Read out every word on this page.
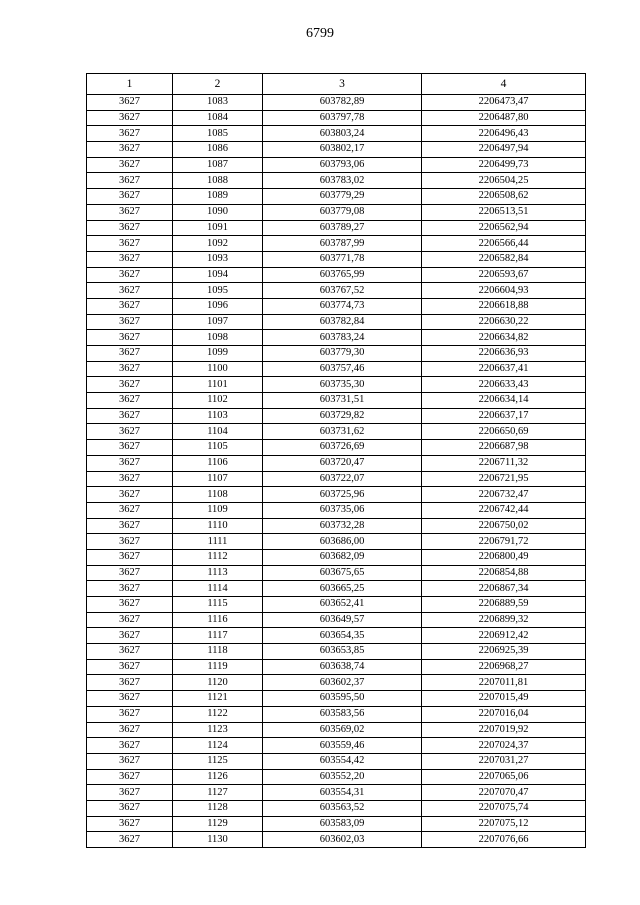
6799
1	2	3	4
3627	1083	603782,89	2206473,47
3627	1084	603797,78	2206487,80
3627	1085	603803,24	2206496,43
3627	1086	603802,17	2206497,94
3627	1087	603793,06	2206499,73
3627	1088	603783,02	2206504,25
3627	1089	603779,29	2206508,62
3627	1090	603779,08	2206513,51
3627	1091	603789,27	2206562,94
3627	1092	603787,99	2206566,44
3627	1093	603771,78	2206582,84
3627	1094	603765,99	2206593,67
3627	1095	603767,52	2206604,93
3627	1096	603774,73	2206618,88
3627	1097	603782,84	2206630,22
3627	1098	603783,24	2206634,82
3627	1099	603779,30	2206636,93
3627	1100	603757,46	2206637,41
3627	1101	603735,30	2206633,43
3627	1102	603731,51	2206634,14
3627	1103	603729,82	2206637,17
3627	1104	603731,62	2206650,69
3627	1105	603726,69	2206687,98
3627	1106	603720,47	2206711,32
3627	1107	603722,07	2206721,95
3627	1108	603725,96	2206732,47
3627	1109	603735,06	2206742,44
3627	1110	603732,28	2206750,02
3627	1111	603686,00	2206791,72
3627	1112	603682,09	2206800,49
3627	1113	603675,65	2206854,88
3627	1114	603665,25	2206867,34
3627	1115	603652,41	2206889,59
3627	1116	603649,57	2206899,32
3627	1117	603654,35	2206912,42
3627	1118	603653,85	2206925,39
3627	1119	603638,74	2206968,27
3627	1120	603602,37	2207011,81
3627	1121	603595,50	2207015,49
3627	1122	603583,56	2207016,04
3627	1123	603569,02	2207019,92
3627	1124	603559,46	2207024,37
3627	1125	603554,42	2207031,27
3627	1126	603552,20	2207065,06
3627	1127	603554,31	2207070,47
3627	1128	603563,52	2207075,74
3627	1129	603583,09	2207075,12
3627	1130	603602,03	2207076,66
